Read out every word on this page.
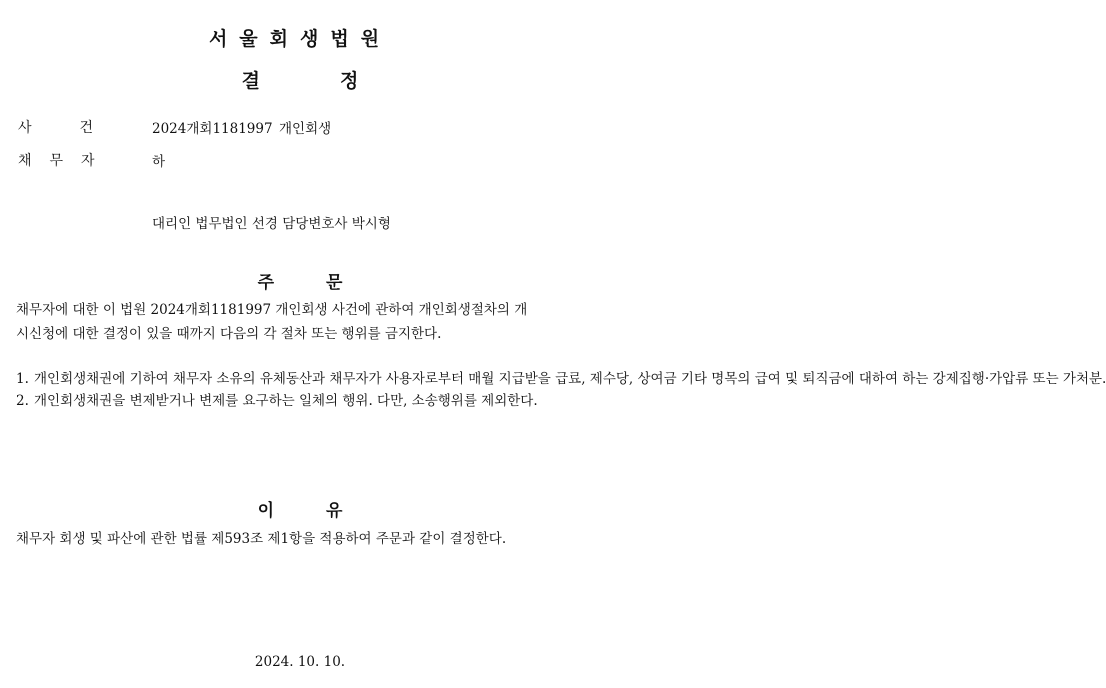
서울회생법원
결	정
사건 2024개회1181997 개인회생
채무자	하
대리인 법무법인 선경 담당변호사 박시형
주	문
채무자에 대한 이 법원 2024개회1181997 개인회생 사건에 관하여 개인회생절차의 개
시신청에 대한 결정이 있을 때까지 다음의 각 절차 또는 행위를 금지한다.
1. 개인회생채권에 기하여 채무자 소유의 유체동산과 채무자가 사용자로부터 매월 지급받을 급료, 제수당, 상여금 기타 명목의 급여 및 퇴직금에 대하여 하는 강제집행·가압류 또는 가처분.
2. 개인회생채권을 변제받거나 변제를 요구하는 일체의 행위. 다만, 소송행위를 제외한다.
이	유
채무자 회생 및 파산에 관한 법률 제593조 제1항을 적용하여 주문과 같이 결정한다.
2024. 10. 10.
